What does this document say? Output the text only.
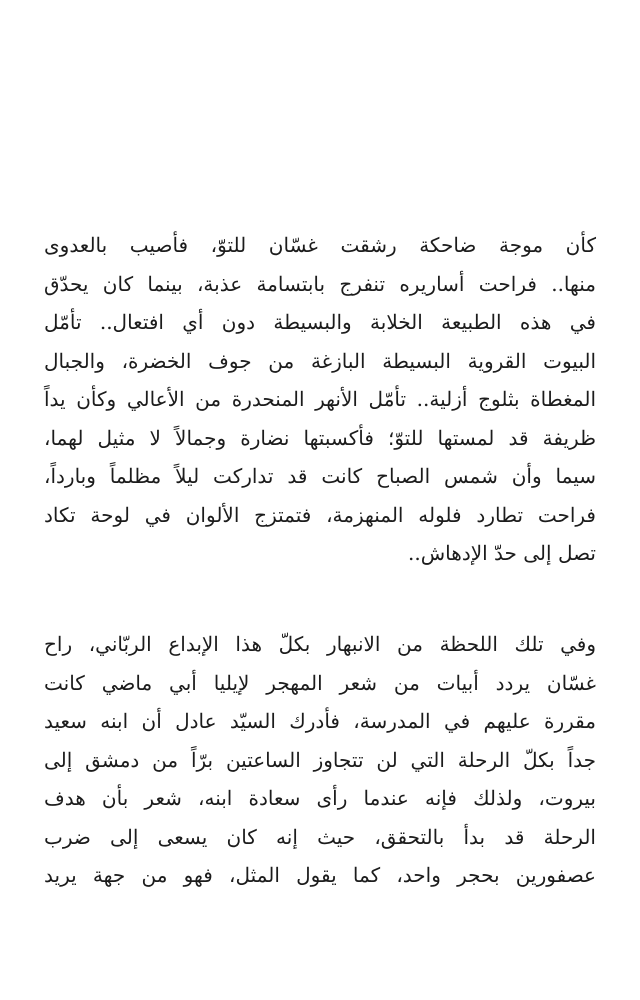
كأن موجة ضاحكة رشقت غسّان للتوّ، فأصيب بالعدوى
منها.. فراحت أساريره تنفرج بابتسامة عذبة، بينما كان يحدّق
في هذه الطبيعة الخلابة والبسيطة دون أي افتعال.. تأمّل
البيوت القروية البسيطة البازغة من جوف الخضرة، والجبال
المغطاة بثلوج أزلية.. تأمّل الأنهر المنحدرة من الأعالي وكأن يداً
ظريفة قد لمستها للتوّ؛ فأكسبتها نضارة وجمالاً لا مثيل لهما،
سيما وأن شمس الصباح كانت قد تداركت ليلاً مظلماً وبارداً،
فراحت تطارد فلوله المنهزمة، فتمتزج الألوان في لوحة تكاد
تصل إلى حدّ الإدهاش..
وفي تلك اللحظة من الانبهار بكلّ هذا الإبداع الربّاني، راح
غسّان يردد أبيات من شعر المهجر لإيليا أبي ماضي كانت
مقررة عليهم في المدرسة، فأدرك السيّد عادل أن ابنه سعيد
جداً بكلّ الرحلة التي لن تتجاوز الساعتين برّاً من دمشق إلى
بيروت، ولذلك فإنه عندما رأى سعادة ابنه، شعر بأن هدف
الرحلة قد بدأ بالتحقق، حيث إنه كان يسعى إلى ضرب
عصفورين بحجر واحد، كما يقول المثل، فهو من جهة يريد
